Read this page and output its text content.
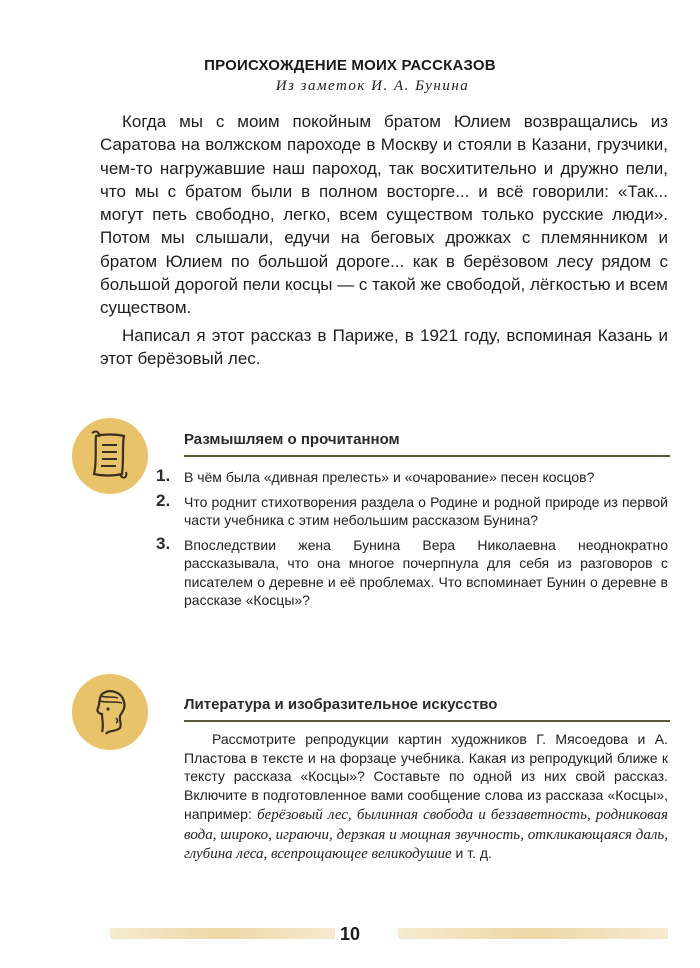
ПРОИСХОЖДЕНИЕ МОИХ РАССКАЗОВ
Из заметок И. А. Бунина

Когда мы с моим покойным братом Юлием возвращались из Саратова на волжском пароходе в Москву и стояли в Казани, грузчики, чем-то нагружавшие наш пароход, так восхитительно и дружно пели, что мы с братом были в полном восторге... и всё говорили: «Так... могут петь свободно, легко, всем существом только русские люди». Потом мы слышали, едучи на беговых дрожках с племянником и братом Юлием по большой дороге... как в берёзовом лесу рядом с большой дорогой пели косцы — с такой же свободой, лёгкостью и всем существом.

Написал я этот рассказ в Париже, в 1921 году, вспоминая Казань и этот берёзовый лес.

Размышляем о прочитанном
1. В чём была «дивная прелесть» и «очарование» песен косцов?
2. Что роднит стихотворения раздела о Родине и родной природе из первой части учебника с этим небольшим рассказом Бунина?
3. Впоследствии жена Бунина Вера Николаевна неоднократно рассказывала, что она многое почерпнула для себя из разговоров с писателем о деревне и её проблемах. Что вспоминает Бунин о деревне в рассказе «Косцы»?
Литература и изобразительное искусство
Рассмотрите репродукции картин художников Г. Мясоедова и А. Пластова в тексте и на форзаце учебника. Какая из репродукций ближе к тексту рассказа «Косцы»? Составьте по одной из них свой рассказ. Включите в подготовленное вами сообщение слова из рассказа «Косцы», например: берёзовый лес, былинная свобода и беззаветность, родниковая вода, широко, играючи, дерзкая и мощная звучность, откликающаяся даль, глубина леса, всепрощающее великодушие и т. д.
10
